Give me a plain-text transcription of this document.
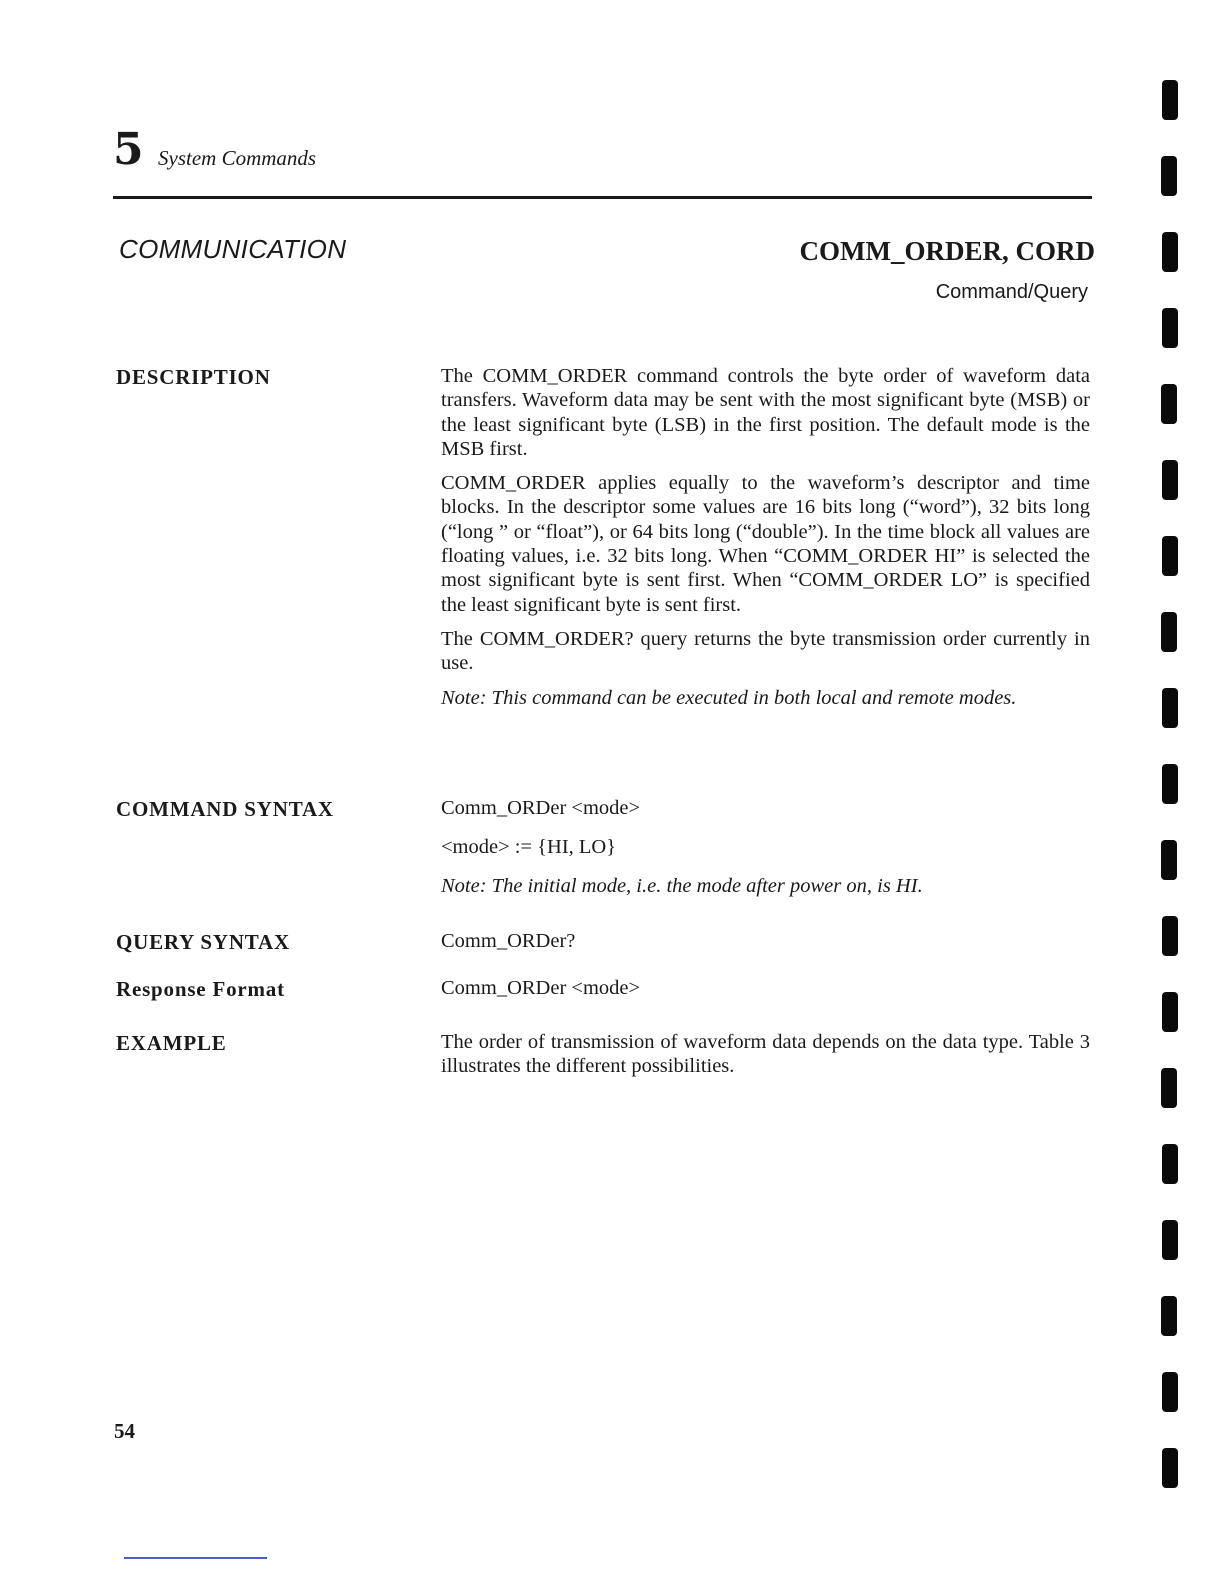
5 System Commands
COMMUNICATION	COMM_ORDER, CORD
Command/Query
DESCRIPTION	The COMM_ORDER command controls the byte order of waveform data transfers. Waveform data may be sent with the most significant byte (MSB) or the least significant byte (LSB) in the first position. The default mode is the MSB first.

COMM_ORDER applies equally to the waveform’s descriptor and time blocks. In the descriptor some values are 16 bits long (“word”), 32 bits long (“long ” or “float”), or 64 bits long (“double”). In the time block all values are floating values, i.e. 32 bits long. When “COMM_ORDER HI” is selected the most significant byte is sent first. When “COMM_ORDER LO” is specified the least significant byte is sent first.

The COMM_ORDER? query returns the byte transmission order currently in use.

Note: This command can be executed in both local and remote modes.

COMMAND SYNTAX	Comm_ORDer <mode>

<mode> := {HI, LO}

Note: The initial mode, i.e. the mode after power on, is HI.

QUERY SYNTAX	Comm_ORDer?

Response Format	Comm_ORDer <mode>

EXAMPLE	The order of transmission of waveform data depends on the data type. Table 3 illustrates the different possibilities.

54
